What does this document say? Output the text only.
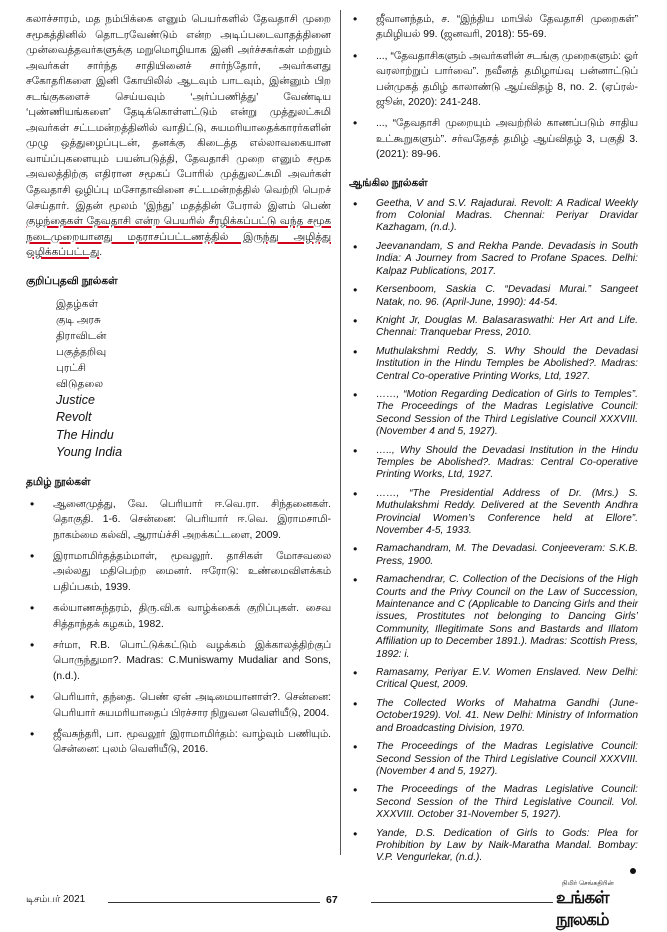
கலாச்சாரம், மத நம்பிக்கை எனும் பெயர்களில் தேவதாசி முறை சமூகத்தினில் தொடரவேண்டும் என்ற அடிப்படைவாதத்தினை முன்வைத்தவர்களுக்கு மறுமொழியாக இனி அர்ச்சகர்கள் மற்றும் அவர்கள் சார்ந்த சாதியினைச் சார்ந்தோர், அவர்களது சகோதரிகளை இனி கோயிலில் ஆடவும் பாடவும், இன்னும் பிற சடங்குகளைச் செய்யவும் ‘அர்ப்பணித்து’ வேண்டிய ‘புண்ணியங்களை’ தேடிக்கொள்ளட்டும் என்று முத்துலட்சுமி அவர்கள் சட்டமன்றத்தினில் வாதிட்டு, சுயமரியாதைக்காரர்களின் முழு ஒத்துழைப்புடன், தனக்கு கிடைத்த எல்லாவகையான வாய்ப்புகளையும் பயன்படுத்தி, தேவதாசி முறை எனும் சமூக அவலத்திற்கு எதிரான சமூகப் போரில் முத்துலட்சுமி அவர்கள் தேவதாசி ஒழிப்பு மசோதாவினை சட்டமன்றத்தில் வெற்றி பெறச் செய்தார். இதன் மூலம் ‘இந்து’ மதத்தின் பேரால் இளம் பெண் குழந்தைகள் தேவதாசி என்ற பெயரில் சீரழிக்கப்பட்டு வந்த சமூக நடைமுறையானது மதராசப்பட்டணத்தில் இருந்து அழித்து ஒழிக்கப்பட்டது.

குறிப்புதவி நூல்கள்
இதழ்கள்
குடி அரசு
திராவிடன்
பகுத்தறிவு
புரட்சி
விடுதலை
Justice
Revolt
The Hindu
Young India
தமிழ் நூல்கள்
• ஆனைமுத்து, வே. பெரியார் ஈ.வெ.ரா. சிந்தனைகள். தொகுதி. 1-6. சென்னை: பெரியார் ஈ.வெ. இராமசாமி- நாகம்மை கல்வி, ஆராய்ச்சி அறக்கட்டளை, 2009.
• இராமாமிர்தத்தம்மாள், மூவலூர். தாசிகள் மோசவலை அல்லது மதிபெற்ற மைனர். ஈரோடு: உண்மைவிளக்கம் பதிப்பகம், 1939.
• கல்யாணசுந்தரம், திரு.வி.க வாழ்க்கைக் குறிப்புகள். சைவ சித்தாந்தக் கழகம், 1982.
• சர்மா, R.B. பொட்டுக்கட்டும் வழக்கம் இக்காலத்திற்குப் பொருந்துமா?. Madras: C.Muniswamy Mudaliar and Sons, (n.d.).
• பெரியார், தந்தை. பெண் ஏன் அடிமையானாள்?. சென்னை: பெரியார் சுயமரியாதைப் பிரச்சார நிறுவன வெளியீடு, 2004.
• ஜீவசுந்தரி, பா. மூவலூர் இராமாமிர்தம்: வாழ்வும் பணியும். சென்னை: புலம் வெளியீடு, 2016.
• ஜீவானந்தம், ச. “இந்திய மாபில் தேவதாசி முறைகள்” தமிழியல் 99. (ஜனவரி, 2018): 55-69.
• ..., “தேவதாசிகளும் அவர்களின் சடங்கு முறைகளும்: ஓர் வரலாற்றுப் பார்வை”. நவீனத் தமிழாய்வு பன்னாட்டுப் பன்முகத் தமிழ் காலாண்டு ஆய்விதழ் 8, no. 2. (ஏப்ரல்-ஜூன், 2020): 241-248.
• ..., “தேவதாசி முறையும் அவற்றில் காணப்படும் சாதிய உட்கூறுகளும்”. சர்வதேசத் தமிழ் ஆய்விதழ் 3, பகுதி 3. (2021): 89-96.
ஆங்கில நூல்கள்
• Geetha, V and S.V. Rajadurai. Revolt: A Radical Weekly from Colonial Madras. Chennai: Periyar Dravidar Kazhagam, (n.d.).
• Jeevanandam, S and Rekha Pande. Devadasis in South India: A Journey from Sacred to Profane Spaces. Delhi: Kalpaz Publications, 2017.
• Kersenboom, Saskia C. “Devadasi Murai.” Sangeet Natak, no. 96. (April-June, 1990): 44-54.
• Knight Jr, Douglas M. Balasaraswathi: Her Art and Life. Chennai: Tranquebar Press, 2010.
• Muthulakshmi Reddy, S. Why Should the Devadasi Institution in the Hindu Temples be Abolished?. Madras: Central Co-operative Printing Works, Ltd, 1927.
• ……, “Motion Regarding Dedication of Girls to Temples”. The Proceedings of the Madras Legislative Council: Second Session of the Third Legislative Council XXXVIII. (November 4 and 5, 1927).
• ….., Why Should the Devadasi Institution in the Hindu Temples be Abolished?. Madras: Central Co-operative Printing Works, Ltd, 1927.
• ……, “The Presidential Address of Dr. (Mrs.) S. Muthulakshmi Reddy. Delivered at the Seventh Andhra Provincial Women’s Conference held at Ellore”. November 4-5, 1933.
• Ramachandram, M. The Devadasi. Conjeeveram: S.K.B. Press, 1900.
• Ramachendrar, C. Collection of the Decisions of the High Courts and the Privy Council on the Law of Succession, Maintenance and C (Applicable to Dancing Girls and their issues, Prostitutes not belonging to Dancing Girls’ Community, Illegitimate Sons and Bastards and Illatom Affiliation up to December 1891.). Madras: Scottish Press, 1892: i.
• Ramasamy, Periyar E.V. Women Enslaved. New Delhi: Critical Quest, 2009.
• The Collected Works of Mahatma Gandhi (June-October1929). Vol. 41. New Delhi: Ministry of Information and Broadcasting Division, 1970.
• The Proceedings of the Madras Legislative Council: Second Session of the Third Legislative Council XXXVIII. (November 4 and 5, 1927).
• The Proceedings of the Madras Legislative Council: Second Session of the Third Legislative Council. Vol. XXXVIII. October 31-November 5, 1927).
• Yande, D.S. Dedication of Girls to Gods: Plea for Prohibition by Law by Naik-Maratha Mandal. Bombay: V.P. Vengurlekar, (n.d.).
டிசம்பர் 2021	67
நிமிர் செங்கதிரின்
உங்கள் நூலகம்
